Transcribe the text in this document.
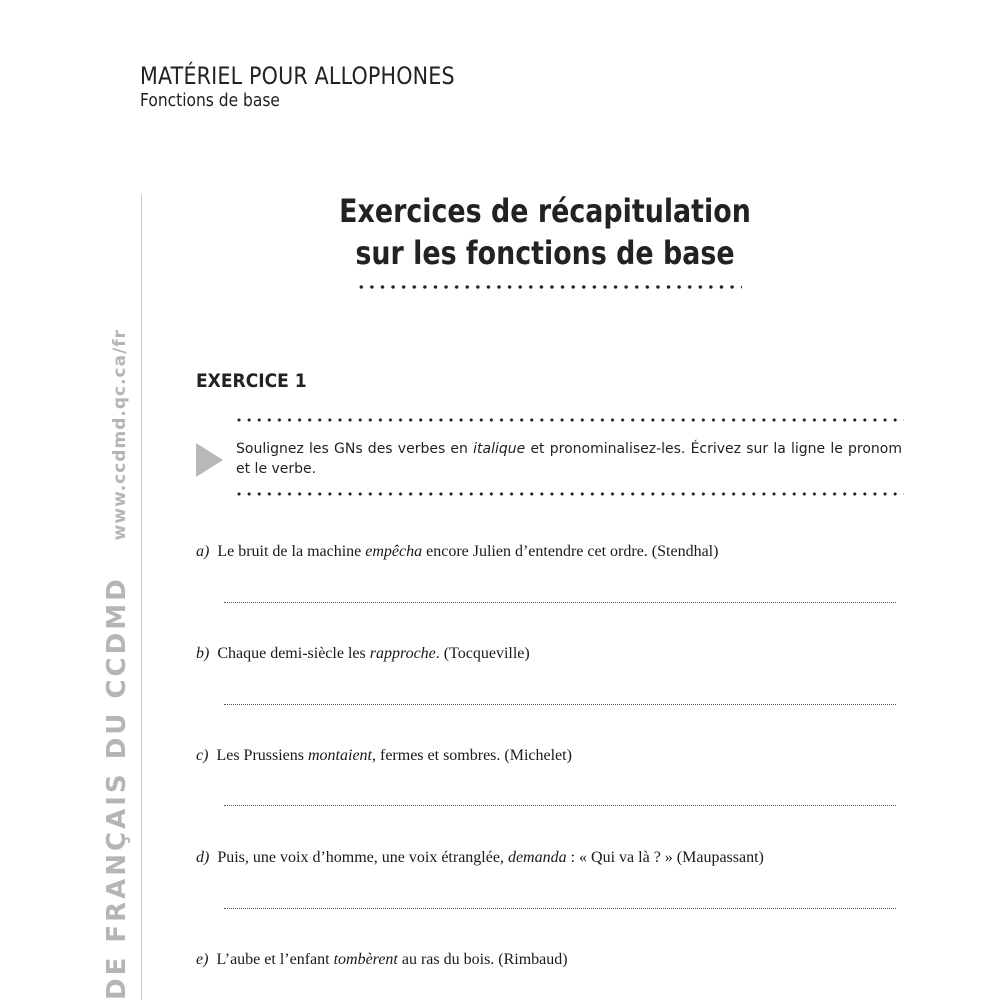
MATÉRIEL POUR ALLOPHONES
Fonctions de base
DE FRANÇAIS DU CCDMD
www.ccdmd.qc.ca/fr
Exercices de récapitulation
sur les fonctions de base
EXERCICE 1
Soulignez les GNs des verbes en italique et pronominalisez-les. Écrivez sur la ligne le pronom et le verbe.
a) Le bruit de la machine empêcha encore Julien d’entendre cet ordre. (Stendhal)
b) Chaque demi-siècle les rapproche. (Tocqueville)
c) Les Prussiens montaient, fermes et sombres. (Michelet)
d) Puis, une voix d’homme, une voix étranglée, demanda : « Qui va là ? » (Maupassant)
e) L’aube et l’enfant tombèrent au ras du bois. (Rimbaud)
